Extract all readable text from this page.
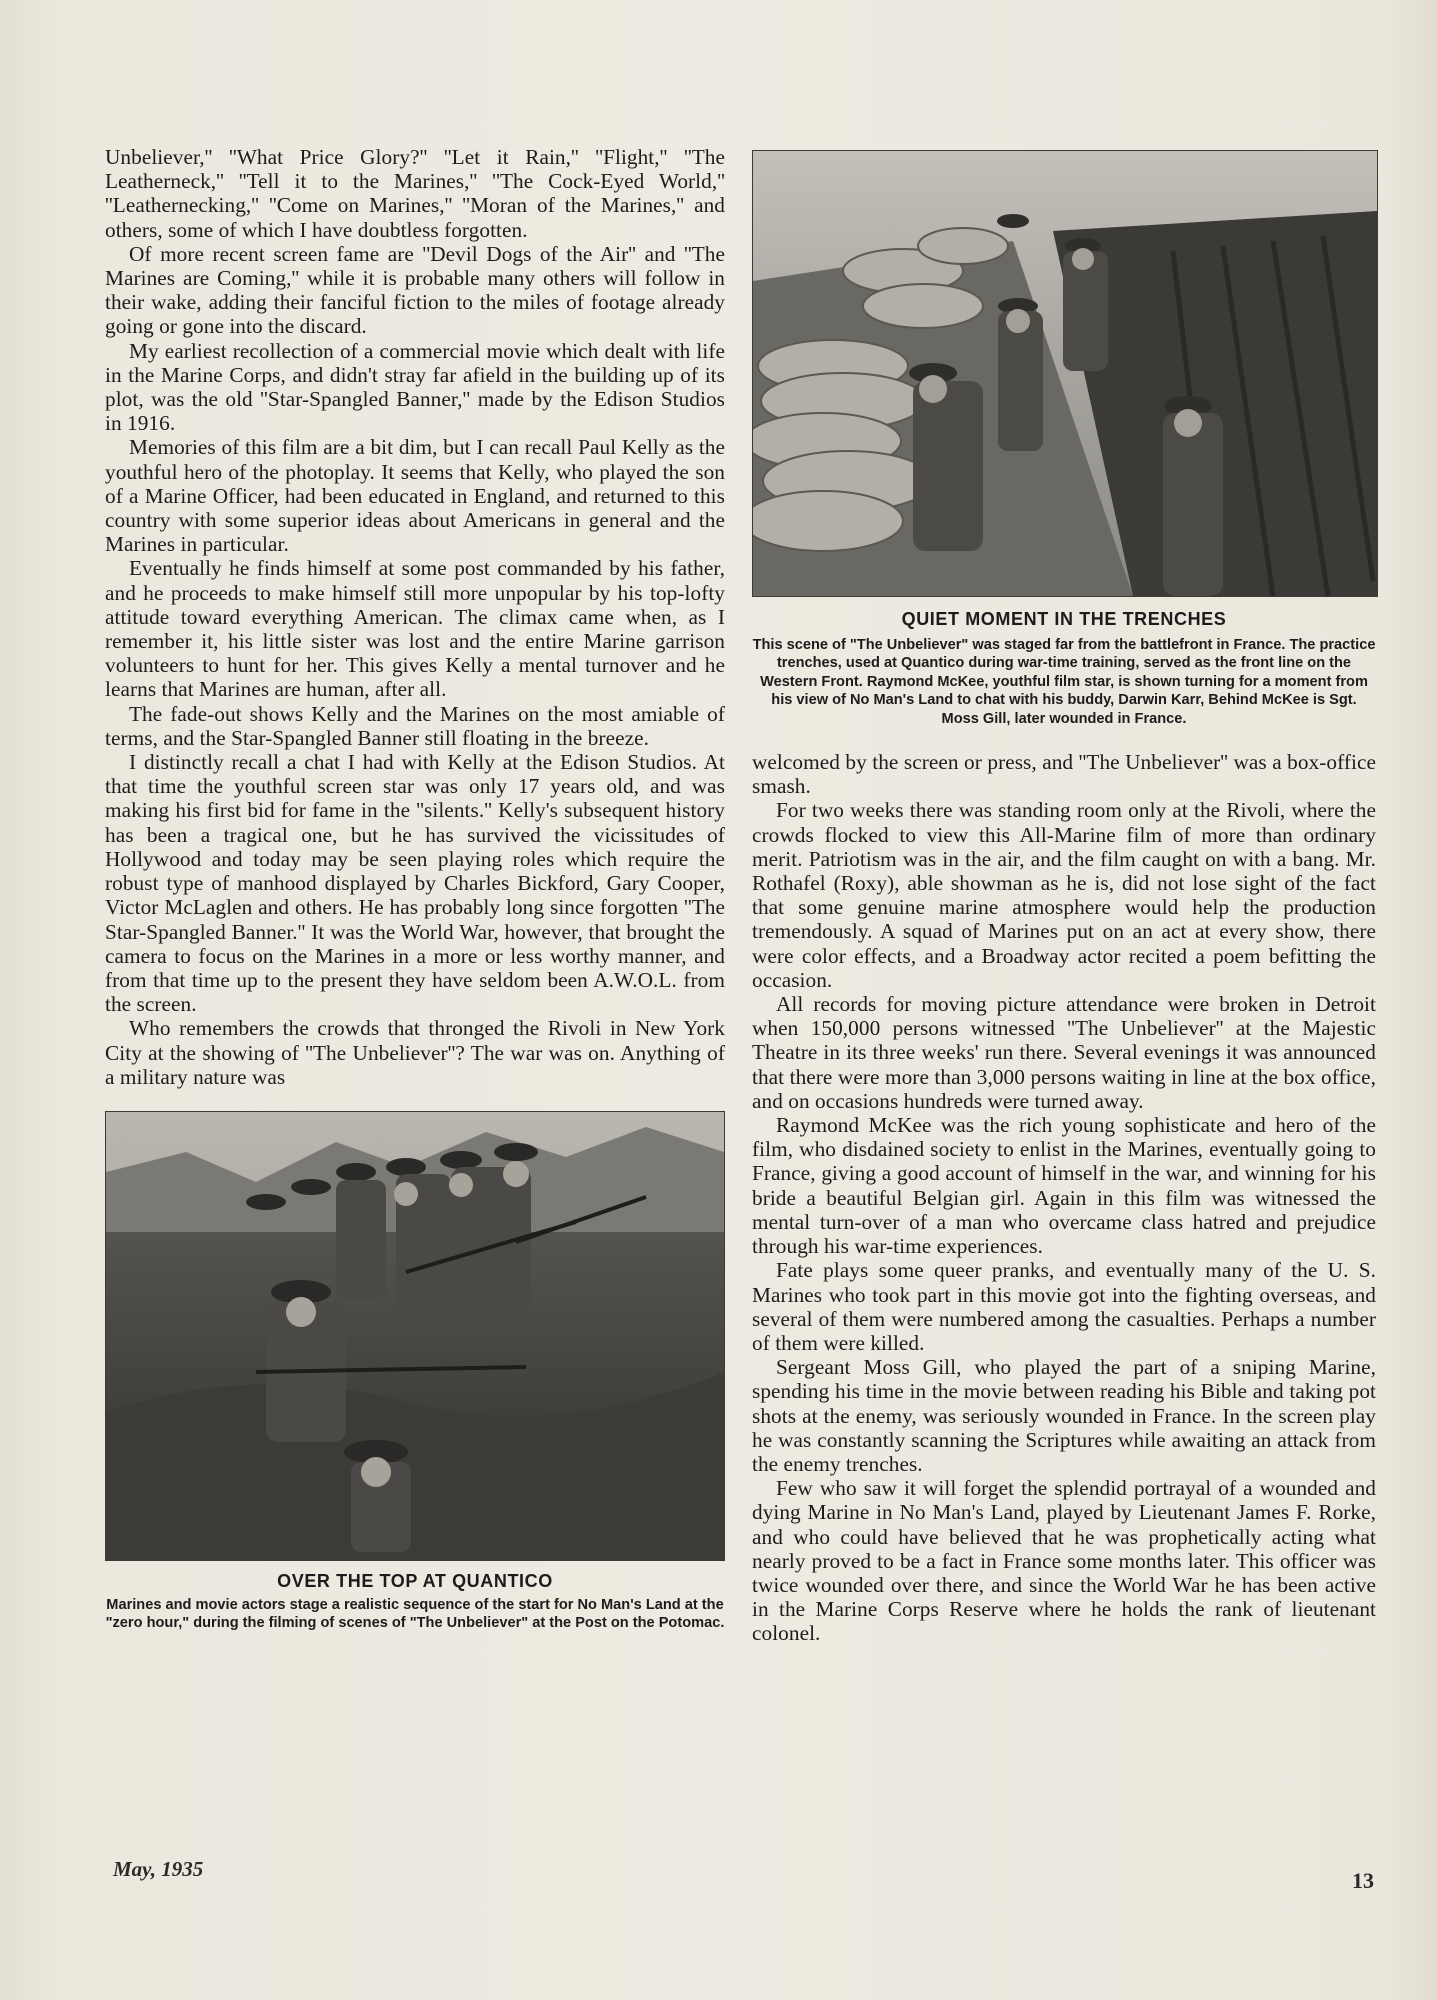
Unbeliever,'' ''What Price Glory?'' ''Let it Rain,'' ''Flight,'' ''The Leatherneck,'' ''Tell it to the Marines,'' ''The Cock-Eyed World,'' ''Leathernecking,'' ''Come on Marines,'' ''Moran of the Marines,'' and others, some of which I have doubtless forgotten.

Of more recent screen fame are ''Devil Dogs of the Air'' and ''The Marines are Coming,'' while it is probable many others will follow in their wake, adding their fanciful fiction to the miles of footage already going or gone into the discard.

My earliest recollection of a commercial movie which dealt with life in the Marine Corps, and didn't stray far afield in the building up of its plot, was the old ''Star-Spangled Banner,'' made by the Edison Studios in 1916.

Memories of this film are a bit dim, but I can recall Paul Kelly as the youthful hero of the photoplay. It seems that Kelly, who played the son of a Marine Officer, had been educated in England, and returned to this country with some superior ideas about Americans in general and the Marines in particular.

Eventually he finds himself at some post commanded by his father, and he proceeds to make himself still more unpopular by his top-lofty attitude toward everything American. The climax came when, as I remember it, his little sister was lost and the entire Marine garrison volunteers to hunt for her. This gives Kelly a mental turnover and he learns that Marines are human, after all.

The fade-out shows Kelly and the Marines on the most amiable of terms, and the Star-Spangled Banner still floating in the breeze.

I distinctly recall a chat I had with Kelly at the Edison Studios. At that time the youthful screen star was only 17 years old, and was making his first bid for fame in the ''silents.'' Kelly's subsequent history has been a tragical one, but he has survived the vicissitudes of Hollywood and today may be seen playing roles which require the robust type of manhood displayed by Charles Bickford, Gary Cooper, Victor McLaglen and others. He has probably long since forgotten ''The Star-Spangled Banner.'' It was the World War, however, that brought the camera to focus on the Marines in a more or less worthy manner, and from that time up to the present they have seldom been A.W.O.L. from the screen.

Who remembers the crowds that thronged the Rivoli in New York City at the showing of ''The Unbeliever''? The war was on. Anything of a military nature was

OVER THE TOP AT QUANTICO

Marines and movie actors stage a realistic sequence of the start for No Man's Land at the "zero hour," during the filming of scenes of "The Unbeliever" at the Post on the Potomac.

QUIET MOMENT IN THE TRENCHES

This scene of "The Unbeliever" was staged far from the battlefront in France. The practice trenches, used at Quantico during war-time training, served as the front line on the Western Front. Raymond McKee, youthful film star, is shown turning for a moment from his view of No Man's Land to chat with his buddy, Darwin Karr, Behind McKee is Sgt. Moss Gill, later wounded in France.

welcomed by the screen or press, and ''The Unbeliever'' was a box-office smash.

For two weeks there was standing room only at the Rivoli, where the crowds flocked to view this All-Marine film of more than ordinary merit. Patriotism was in the air, and the film caught on with a bang. Mr. Rothafel (Roxy), able showman as he is, did not lose sight of the fact that some genuine marine atmosphere would help the production tremendously. A squad of Marines put on an act at every show, there were color effects, and a Broadway actor recited a poem befitting the occasion.

All records for moving picture attendance were broken in Detroit when 150,000 persons witnessed ''The Unbeliever'' at the Majestic Theatre in its three weeks' run there. Several evenings it was announced that there were more than 3,000 persons waiting in line at the box office, and on occasions hundreds were turned away.

Raymond McKee was the rich young sophisticate and hero of the film, who disdained society to enlist in the Marines, eventually going to France, giving a good account of himself in the war, and winning for his bride a beautiful Belgian girl. Again in this film was witnessed the mental turn-over of a man who overcame class hatred and prejudice through his war-time experiences.

Fate plays some queer pranks, and eventually many of the U. S. Marines who took part in this movie got into the fighting overseas, and several of them were numbered among the casualties. Perhaps a number of them were killed.

Sergeant Moss Gill, who played the part of a sniping Marine, spending his time in the movie between reading his Bible and taking pot shots at the enemy, was seriously wounded in France. In the screen play he was constantly scanning the Scriptures while awaiting an attack from the enemy trenches.

Few who saw it will forget the splendid portrayal of a wounded and dying Marine in No Man's Land, played by Lieutenant James F. Rorke, and who could have believed that he was prophetically acting what nearly proved to be a fact in France some months later. This officer was twice wounded over there, and since the World War he has been active in the Marine Corps Reserve where he holds the rank of lieutenant colonel.

May, 1935	13
